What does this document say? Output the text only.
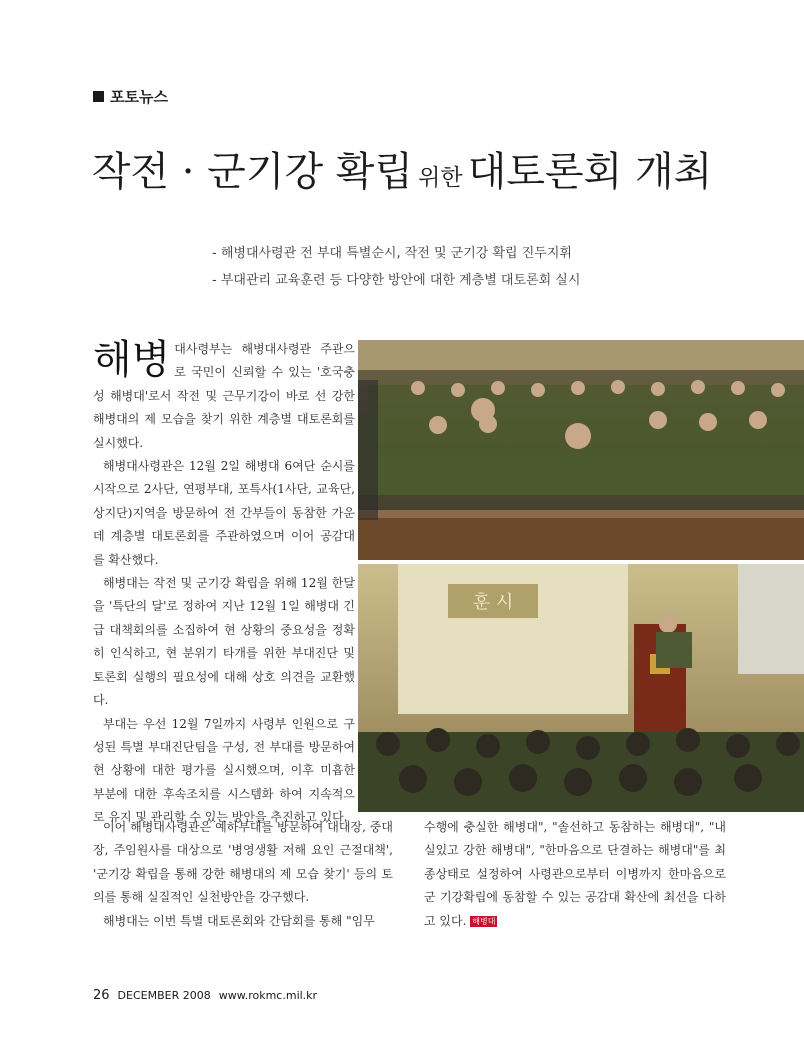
포토뉴스
작전 · 군기강 확립 위한 대토론회 개최
- 해병대사령관 전 부대 특별순시, 작전 및 군기강 확립 진두지휘
- 부대관리 교육훈련 등 다양한 방안에 대한 계층별 대토론회 실시

해병 대사령부는 해병대사령관 주관으로 국민이 신뢰할 수 있는 '호국충성 해병대'로서 작전 및 근무기강이 바로 선 강한 해병대의 제 모습을 찾기 위한 계층별 대토론회를 실시했다.

해병대사령관은 12월 2일 해병대 6여단 순시를 시작으로 2사단, 연평부대, 포특사(1사단, 교육단, 상지단)지역을 방문하여 전 간부들이 동참한 가운데 계층별 대토론회를 주관하였으며 이어 공감대를 확산했다.

해병대는 작전 및 군기강 확립을 위해 12월 한달을 '특단의 달'로 정하여 지난 12월 1일 해병대 긴급 대책회의를 소집하여 현 상황의 중요성을 정확히 인식하고, 현 분위기 타개를 위한 부대진단 및 토론회 실행의 필요성에 대해 상호 의견을 교환했다.

부대는 우선 12월 7일까지 사령부 인원으로 구성된 특별 부대진단팀을 구성, 전 부대를 방문하여 현 상황에 대한 평가를 실시했으며, 이후 미흡한 부분에 대한 후속조치를 시스템화 하여 지속적으로 유지 및 관리할 수 있는 방안을 추진하고 있다.

이어 해병대사령관은 예하부대를 방문하여 대대장, 중대장, 주임원사를 대상으로 '병영생활 저해 요인 근절대책', '군기강 확립을 통해 강한 해병대의 제 모습 찾기' 등의 토의를 통해 실질적인 실천방안을 강구했다.

해병대는 이번 특별 대토론회와 간담회를 통해 "임무

수행에 충실한 해병대", "솔선하고 동참하는 해병대", "내실있고 강한 해병대", "한마음으로 단결하는 해병대"를 최종상태로 설정하여 사령관으로부터 이병까지 한마음으로 군 기강확립에 동참할 수 있는 공감대 확산에 최선을 다하고 있다. 해병대

훈 시
26 DECEMBER 2008 www.rokmc.mil.kr
